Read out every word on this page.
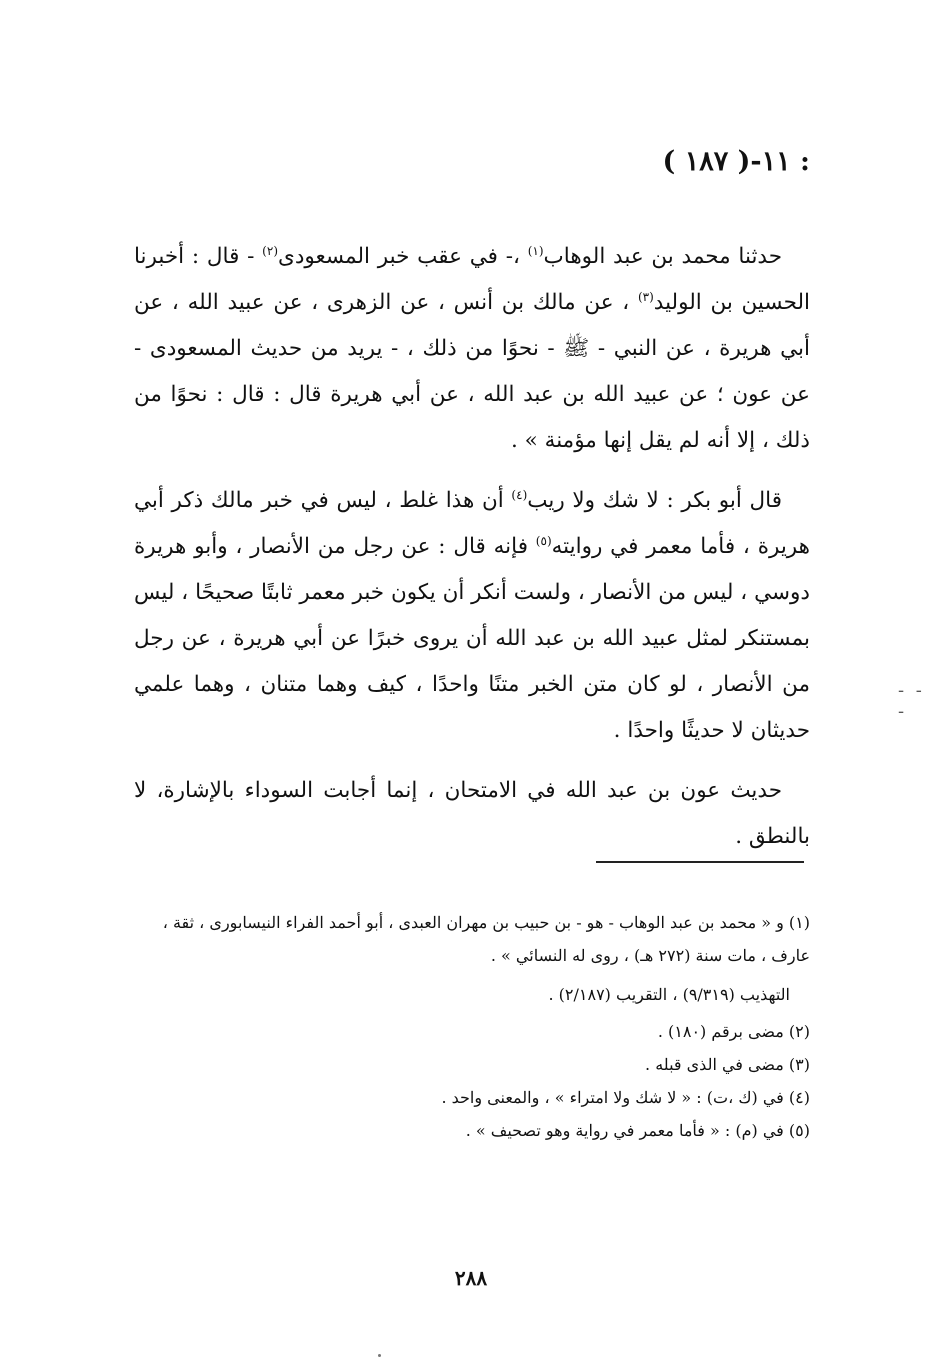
١١-( ١٨٧ ) :

حدثنا محمد بن عبد الوهاب$^{(١)}$ ،- في عقب خبر المسعودى$^{(٢)}$ - قال : أخبرنا الحسين بن الوليد$^{(٣)}$ ، عن مالك بن أنس ، عن الزهرى ، عن عبيد الله ، عن أبي هريرة ، عن النبي - ﷺ - نحوًا من ذلك ، - يريد من حديث المسعودى - عن عون ؛ عن عبيد الله بن عبد الله ، عن أبي هريرة قال : قال : نحوًا من ذلك ، إلا أنه لم يقل إنها مؤمنة » .

قال أبو بكر : لا شك ولا ريب$^{(٤)}$ أن هذا غلط ، ليس في خبر مالك ذكر أبي هريرة ، فأما معمر في روايته$^{(٥)}$ فإنه قال : عن رجل من الأنصار ، وأبو هريرة دوسي ، ليس من الأنصار ، ولست أنكر أن يكون خبر معمر ثابتًا صحيحًا ، ليس بمستنكر لمثل عبيد الله بن عبد الله أن يروى خبرًا عن أبي هريرة ، عن رجل من الأنصار ، لو كان متن الخبر متنًا واحدًا ، كيف وهما متنان ، وهما علمي حديثان لا حديثًا واحدًا .

حديث عون بن عبد الله في الامتحان ، إنما أجابت السوداء بالإشارة، لا بالنطق .

(١) و « محمد بن عبد الوهاب - هو - بن حبيب بن مهران العبدى ، أبو أحمد الفراء النيسابورى ، ثقة ،

عارف ، مات سنة (٢٧٢ هـ) ، روى له النسائي » .

التهذيب (٩/٣١٩) ، التقريب (٢/١٨٧) .

(٢) مضى برقم (١٨٠) .

(٣) مضى في الذى قبله .

(٤) في (ك ،ت) : « لا شك ولا امتراء » ، والمعنى واحد .

(٥) في (م) : « فأما معمر في رواية وهو تصحيف » .

٢٨٨
- - -
